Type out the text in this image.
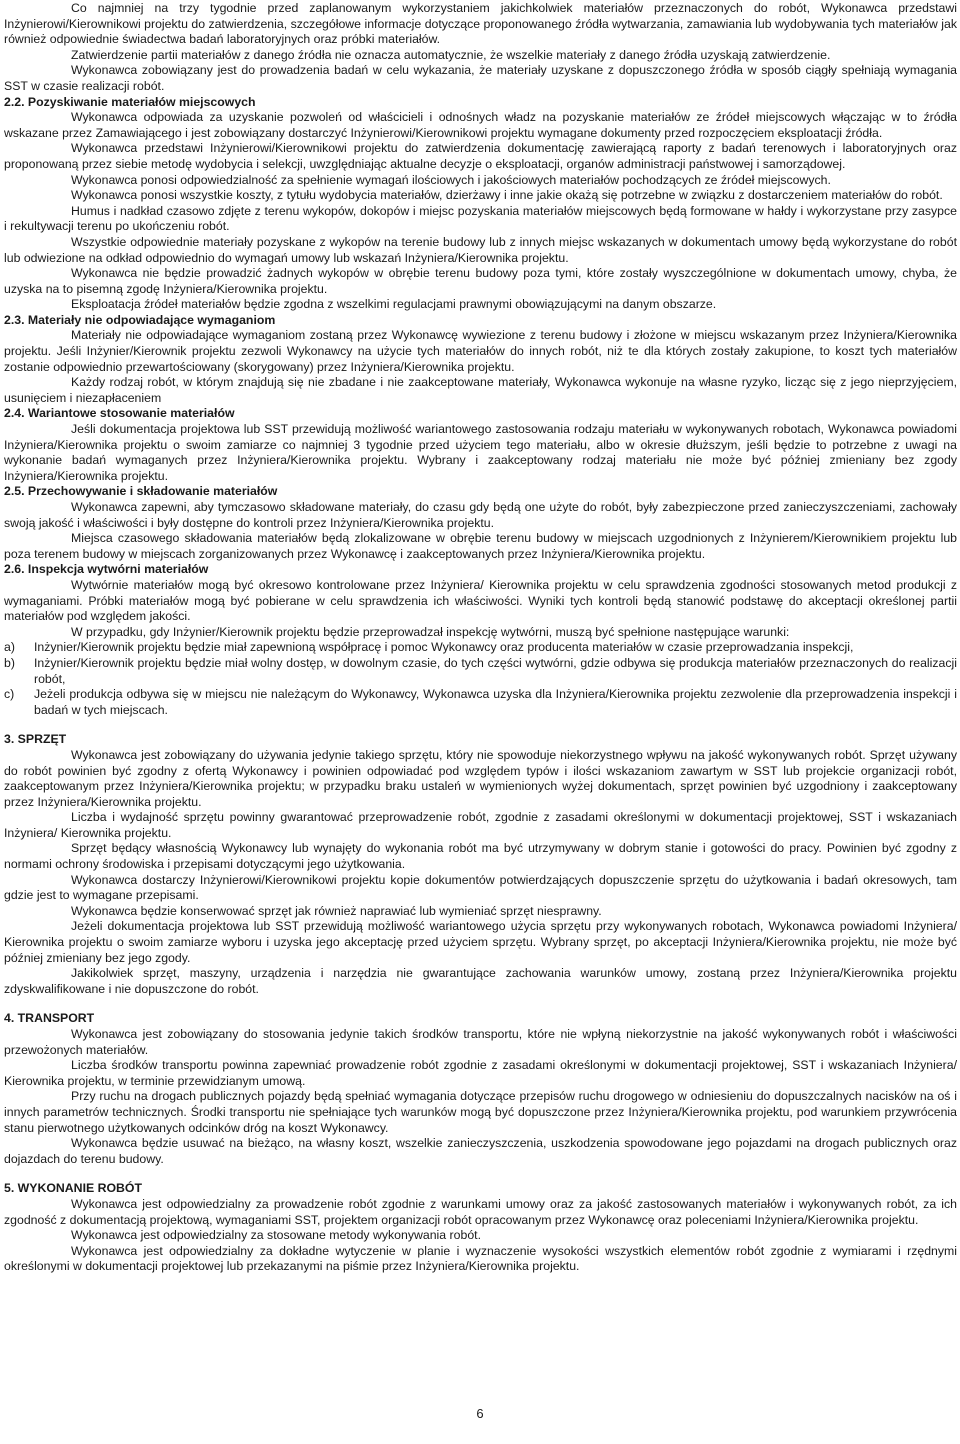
Co najmniej na trzy tygodnie przed zaplanowanym wykorzystaniem jakichkolwiek materiałów przeznaczonych do robót, Wykonawca przedstawi Inżynierowi/Kierownikowi projektu do zatwierdzenia, szczegółowe informacje dotyczące proponowanego źródła wytwarzania, zamawiania lub wydobywania tych materiałów jak również odpowiednie świadectwa badań laboratoryjnych oraz próbki materiałów.

Zatwierdzenie partii materiałów z danego źródła nie oznacza automatycznie, że wszelkie materiały z danego źródła uzyskają zatwierdzenie.

Wykonawca zobowiązany jest do prowadzenia badań w celu wykazania, że materiały uzyskane z dopuszczonego źródła w sposób ciągły spełniają wymagania SST w czasie realizacji robót.

2.2. Pozyskiwanie materiałów miejscowych

Wykonawca odpowiada za uzyskanie pozwoleń od właścicieli i odnośnych władz na pozyskanie materiałów ze źródeł miejscowych włączając w to źródła wskazane przez Zamawiającego i jest zobowiązany dostarczyć Inżynierowi/Kierownikowi projektu wymagane dokumenty przed rozpoczęciem eksploatacji źródła.

Wykonawca przedstawi Inżynierowi/Kierownikowi projektu do zatwierdzenia dokumentację zawierającą raporty z badań terenowych i laboratoryjnych oraz proponowaną przez siebie metodę wydobycia i selekcji, uwzględniając aktualne decyzje o eksploatacji, organów administracji państwowej i samorządowej.

Wykonawca ponosi odpowiedzialność za spełnienie wymagań ilościowych i jakościowych materiałów pochodzących ze źródeł miejscowych.

Wykonawca ponosi wszystkie koszty, z tytułu wydobycia materiałów, dzierżawy i inne jakie okażą się potrzebne w związku z dostarczeniem materiałów do robót.

Humus i nadkład czasowo zdjęte z terenu wykopów, dokopów i miejsc pozyskania materiałów miejscowych będą formowane w hałdy i wykorzystane przy zasypce i rekultywacji terenu po ukończeniu robót.

Wszystkie odpowiednie materiały pozyskane z wykopów na terenie budowy lub z innych miejsc wskazanych w dokumentach umowy będą wykorzystane do robót lub odwiezione na odkład odpowiednio do wymagań umowy lub wskazań Inżyniera/Kierownika projektu.

Wykonawca nie będzie prowadzić żadnych wykopów w obrębie terenu budowy poza tymi, które zostały wyszczególnione w dokumentach umowy, chyba, że uzyska na to pisemną zgodę Inżyniera/Kierownika projektu.

Eksploatacja źródeł materiałów będzie zgodna z wszelkimi regulacjami prawnymi obowiązującymi na danym obszarze.

2.3. Materiały nie odpowiadające wymaganiom

Materiały nie odpowiadające wymaganiom zostaną przez Wykonawcę wywiezione z terenu budowy i złożone w miejscu wskazanym przez Inżyniera/Kierownika projektu. Jeśli Inżynier/Kierownik projektu zezwoli Wykonawcy na użycie tych materiałów do innych robót, niż te dla których zostały zakupione, to koszt tych materiałów zostanie odpowiednio przewartościowany (skorygowany) przez Inżyniera/Kierownika projektu.

Każdy rodzaj robót, w którym znajdują się nie zbadane i nie zaakceptowane materiały, Wykonawca wykonuje na własne ryzyko, licząc się z jego nieprzyjęciem, usunięciem i niezapłaceniem

2.4. Wariantowe stosowanie materiałów

Jeśli dokumentacja projektowa lub SST przewidują możliwość wariantowego zastosowania rodzaju materiału w wykonywanych robotach, Wykonawca powiadomi Inżyniera/Kierownika projektu o swoim zamiarze co najmniej 3 tygodnie przed użyciem tego materiału, albo w okresie dłuższym, jeśli będzie to potrzebne z uwagi na wykonanie badań wymaganych przez Inżyniera/Kierownika projektu. Wybrany i zaakceptowany rodzaj materiału nie może być później zmieniany bez zgody Inżyniera/Kierownika projektu.

2.5. Przechowywanie i składowanie materiałów

Wykonawca zapewni, aby tymczasowo składowane materiały, do czasu gdy będą one użyte do robót, były zabezpieczone przed zanieczyszczeniami, zachowały swoją jakość i właściwości i były dostępne do kontroli przez Inżyniera/Kierownika projektu.

Miejsca czasowego składowania materiałów będą zlokalizowane w obrębie terenu budowy w miejscach uzgodnionych z Inżynierem/Kierownikiem projektu lub poza terenem budowy w miejscach zorganizowanych przez Wykonawcę i zaakceptowanych przez Inżyniera/Kierownika projektu.

2.6. Inspekcja wytwórni materiałów

Wytwórnie materiałów mogą być okresowo kontrolowane przez Inżyniera/ Kierownika projektu w celu sprawdzenia zgodności stosowanych metod produkcji z wymaganiami. Próbki materiałów mogą być pobierane w celu sprawdzenia ich właściwości. Wyniki tych kontroli będą stanowić podstawę do akceptacji określonej partii materiałów pod względem jakości.

W przypadku, gdy Inżynier/Kierownik projektu będzie przeprowadzał inspekcję wytwórni, muszą być spełnione następujące warunki:

a) Inżynier/Kierownik projektu będzie miał zapewnioną współpracę i pomoc Wykonawcy oraz producenta materiałów w czasie przeprowadzania inspekcji,
b) Inżynier/Kierownik projektu będzie miał wolny dostęp, w dowolnym czasie, do tych części wytwórni, gdzie odbywa się produkcja materiałów przeznaczonych do realizacji robót,
c) Jeżeli produkcja odbywa się w miejscu nie należącym do Wykonawcy, Wykonawca uzyska dla Inżyniera/Kierownika projektu zezwolenie dla przeprowadzenia inspekcji i badań w tych miejscach.

3. SPRZĘT

Wykonawca jest zobowiązany do używania jedynie takiego sprzętu, który nie spowoduje niekorzystnego wpływu na jakość wykonywanych robót. Sprzęt używany do robót powinien być zgodny z ofertą Wykonawcy i powinien odpowiadać pod względem typów i ilości wskazaniom zawartym w SST lub projekcie organizacji robót, zaakceptowanym przez Inżyniera/Kierownika projektu; w przypadku braku ustaleń w wymienionych wyżej dokumentach, sprzęt powinien być uzgodniony i zaakceptowany przez Inżyniera/Kierownika projektu.

Liczba i wydajność sprzętu powinny gwarantować przeprowadzenie robót, zgodnie z zasadami określonymi w dokumentacji projektowej, SST i wskazaniach Inżyniera/ Kierownika projektu.

Sprzęt będący własnością Wykonawcy lub wynajęty do wykonania robót ma być utrzymywany w dobrym stanie i gotowości do pracy. Powinien być zgodny z normami ochrony środowiska i przepisami dotyczącymi jego użytkowania.

Wykonawca dostarczy Inżynierowi/Kierownikowi projektu kopie dokumentów potwierdzających dopuszczenie sprzętu do użytkowania i badań okresowych, tam gdzie jest to wymagane przepisami.

Wykonawca będzie konserwować sprzęt jak również naprawiać lub wymieniać sprzęt niesprawny.

Jeżeli dokumentacja projektowa lub SST przewidują możliwość wariantowego użycia sprzętu przy wykonywanych robotach, Wykonawca powiadomi Inżyniera/ Kierownika projektu o swoim zamiarze wyboru i uzyska jego akceptację przed użyciem sprzętu. Wybrany sprzęt, po akceptacji Inżyniera/Kierownika projektu, nie może być później zmieniany bez jego zgody.

Jakikolwiek sprzęt, maszyny, urządzenia i narzędzia nie gwarantujące zachowania warunków umowy, zostaną przez Inżyniera/Kierownika projektu zdyskwalifikowane i nie dopuszczone do robót.

4. TRANSPORT

Wykonawca jest zobowiązany do stosowania jedynie takich środków transportu, które nie wpłyną niekorzystnie na jakość wykonywanych robót i właściwości przewożonych materiałów.

Liczba środków transportu powinna zapewniać prowadzenie robót zgodnie z zasadami określonymi w dokumentacji projektowej, SST i wskazaniach Inżyniera/ Kierownika projektu, w terminie przewidzianym umową.

Przy ruchu na drogach publicznych pojazdy będą spełniać wymagania dotyczące przepisów ruchu drogowego w odniesieniu do dopuszczalnych nacisków na oś i innych parametrów technicznych. Środki transportu nie spełniające tych warunków mogą być dopuszczone przez Inżyniera/Kierownika projektu, pod warunkiem przywrócenia stanu pierwotnego użytkowanych odcinków dróg na koszt Wykonawcy.

Wykonawca będzie usuwać na bieżąco, na własny koszt, wszelkie zanieczyszczenia, uszkodzenia spowodowane jego pojazdami na drogach publicznych oraz dojazdach do terenu budowy.

5. WYKONANIE ROBÓT

Wykonawca jest odpowiedzialny za prowadzenie robót zgodnie z warunkami umowy oraz za jakość zastosowanych materiałów i wykonywanych robót, za ich zgodność z dokumentacją projektową, wymaganiami SST, projektem organizacji robót opracowanym przez Wykonawcę oraz poleceniami Inżyniera/Kierownika projektu.

Wykonawca jest odpowiedzialny za stosowane metody wykonywania robót.

Wykonawca jest odpowiedzialny za dokładne wytyczenie w planie i wyznaczenie wysokości wszystkich elementów robót zgodnie z wymiarami i rzędnymi określonymi w dokumentacji projektowej lub przekazanymi na piśmie przez Inżyniera/Kierownika projektu.

6
